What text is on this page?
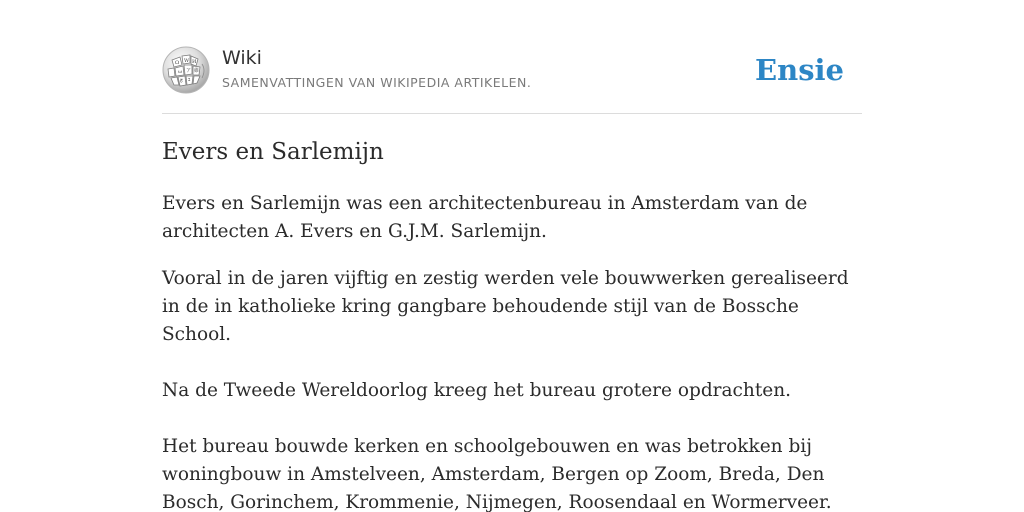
Ω W И
ω ア 維
ह ב
Wiki
SAMENVATTINGEN VAN WIKIPEDIA ARTIKELEN.	Ensie
Evers en Sarlemijn

Evers en Sarlemijn was een architectenbureau in Amsterdam van de architecten A. Evers en G.J.M. Sarlemijn.

Vooral in de jaren vijftig en zestig werden vele bouwwerken gerealiseerd in de in katholieke kring gangbare behoudende stijl van de Bossche School.

Na de Tweede Wereldoorlog kreeg het bureau grotere opdrachten.

Het bureau bouwde kerken en schoolgebouwen en was betrokken bij woningbouw in Amstelveen, Amsterdam, Bergen op Zoom, Breda, Den Bosch, Gorinchem, Krommenie, Nijmegen, Roosendaal en Wormerveer.
